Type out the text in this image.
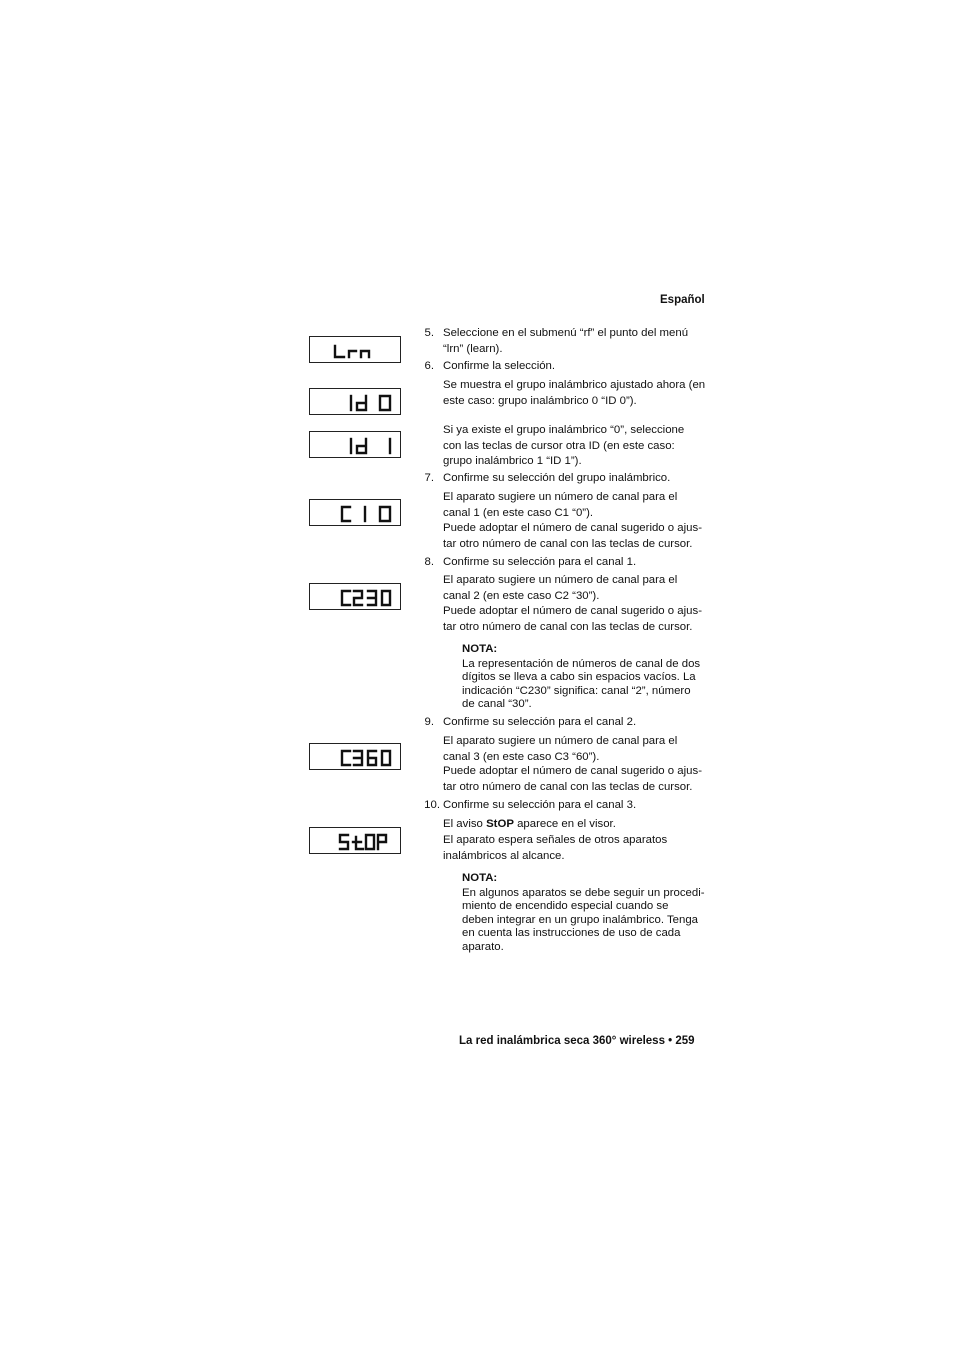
Español
5. Seleccione en el submenú “rf” el punto del menú
“lrn” (learn).
6. Confirme la selección.
Se muestra el grupo inalámbrico ajustado ahora (en
este caso: grupo inalámbrico 0 “ID 0”).
Si ya existe el grupo inalámbrico “0”, seleccione
con las teclas de cursor otra ID (en este caso:
grupo inalámbrico 1 “ID 1”).
7. Confirme su selección del grupo inalámbrico.
El aparato sugiere un número de canal para el
canal 1 (en este caso C1 “0”).
Puede adoptar el número de canal sugerido o ajus-
tar otro número de canal con las teclas de cursor.
8. Confirme su selección para el canal 1.
El aparato sugiere un número de canal para el
canal 2 (en este caso C2 “30”).
Puede adoptar el número de canal sugerido o ajus-
tar otro número de canal con las teclas de cursor.
NOTA:
La representación de números de canal de dos
dígitos se lleva a cabo sin espacios vacíos. La
indicación “C230” significa: canal “2”, número
de canal “30”.
9. Confirme su selección para el canal 2.
El aparato sugiere un número de canal para el
canal 3 (en este caso C3 “60”).
Puede adoptar el número de canal sugerido o ajus-
tar otro número de canal con las teclas de cursor.
10. Confirme su selección para el canal 3.
El aviso StOP aparece en el visor.
El aparato espera señales de otros aparatos
inalámbricos al alcance.
NOTA:
En algunos aparatos se debe seguir un procedi-
miento de encendido especial cuando se
deben integrar en un grupo inalámbrico. Tenga
en cuenta las instrucciones de uso de cada
aparato.
La red inalámbrica seca 360° wireless • 259
